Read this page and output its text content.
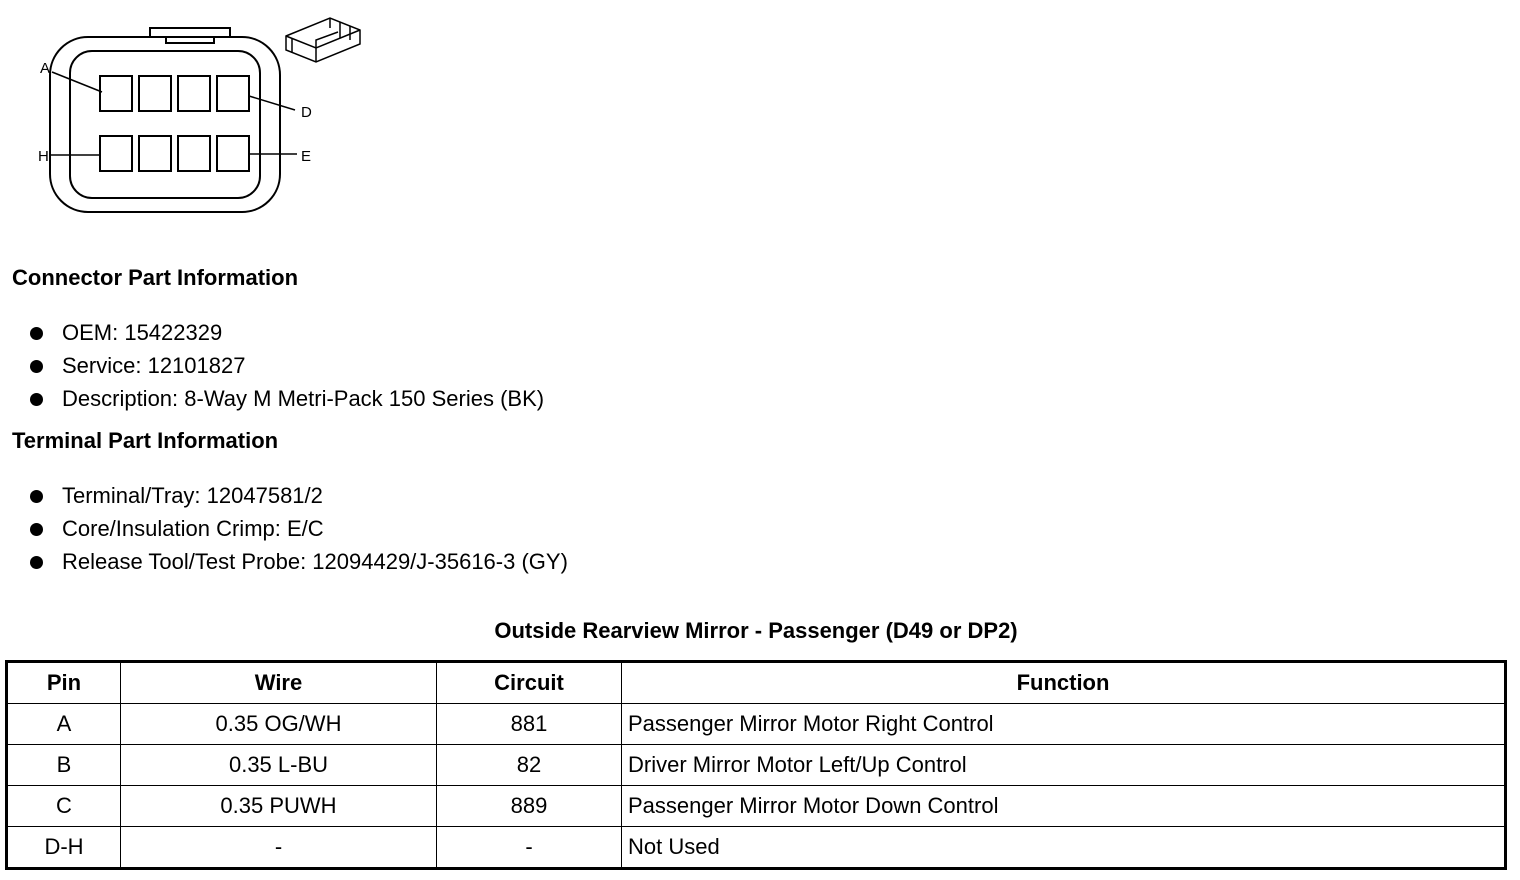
A
D
H	E
Connector Part Information
OEM: 15422329
Service: 12101827
Description: 8-Way M Metri-Pack 150 Series (BK)
Terminal Part Information
Terminal/Tray: 12047581/2
Core/Insulation Crimp: E/C
Release Tool/Test Probe: 12094429/J-35616-3 (GY)
Outside Rearview Mirror - Passenger (D49 or DP2)
Pin	Wire	Circuit	Function
A	0.35 OG/WH	881	Passenger Mirror Motor Right Control
B	0.35 L-BU	82	Driver Mirror Motor Left/Up Control
C	0.35 PUWH	889	Passenger Mirror Motor Down Control
D-H	-	-	Not Used
